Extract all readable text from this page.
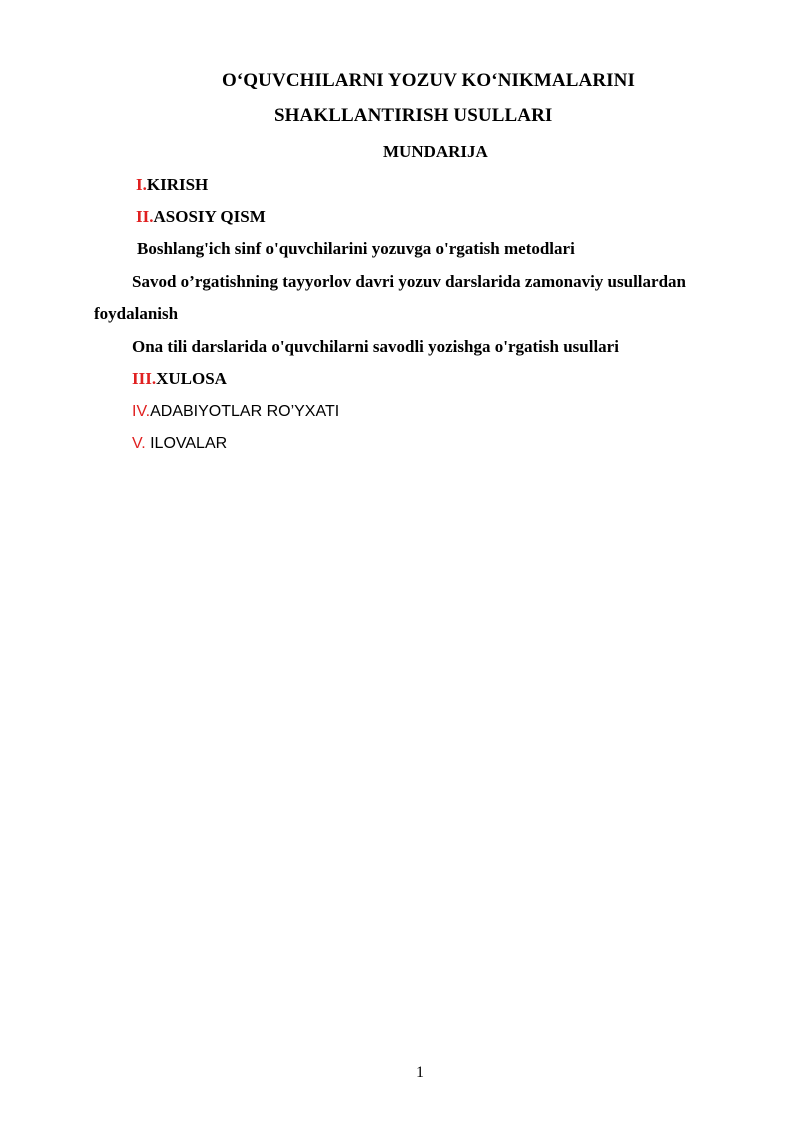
O‘QUVCHILARNI YOZUV KO‘NIKMALARINI
SHAKLLANTIRISH USULLARI
MUNDARIJA
I.KIRISH
II.ASOSIY QISM
Boshlang'ich sinf o'quvchilarini yozuvga o'rgatish metodlari
Savod o’rgatishning tayyorlov davri yozuv darslarida zamonaviy usullardan
foydalanish
Ona tili darslarida o'quvchilarni savodli yozishga o'rgatish usullari
III.XULOSA
IV.ADABIYOTLAR RO’YXATI
V. ILOVALAR
1
